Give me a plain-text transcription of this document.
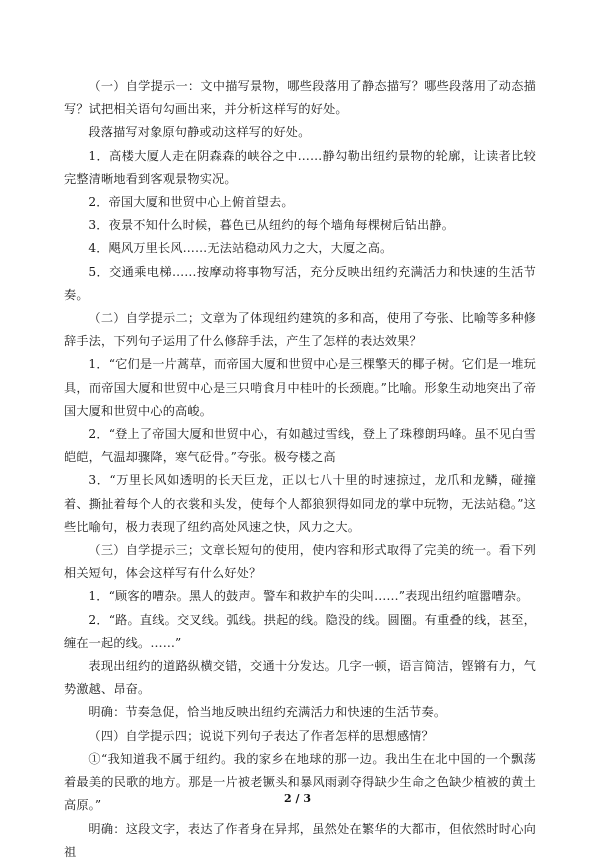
（一）自学提示一：文中描写景物，哪些段落用了静态描写？哪些段落用了动态描写？试把相关语句勾画出来，并分析这样写的好处。

段落描写对象原句静或动这样写的好处。

1．高楼大厦人走在阴森森的峡谷之中……静勾勒出纽约景物的轮廓，让读者比较完整清晰地看到客观景物实况。

2．帝国大厦和世贸中心上俯首望去。

3．夜景不知什么时候，暮色已从纽约的每个墙角每棵树后钻出静。

4．飓风万里长风……无法站稳动风力之大，大厦之高。

5．交通乘电梯……按摩动将事物写活，充分反映出纽约充满活力和快速的生活节奏。

（二）自学提示二；文章为了体现纽约建筑的多和高，使用了夸张、比喻等多种修辞手法，下列句子运用了什么修辞手法，产生了怎样的表达效果？

1．“它们是一片蒿草，而帝国大厦和世贸中心是三棵擎天的椰子树。它们是一堆玩具，而帝国大厦和世贸中心是三只啃食月中桂叶的长颈鹿。”比喻。形象生动地突出了帝国大厦和世贸中心的高峻。

2．“登上了帝国大厦和世贸中心，有如越过雪线，登上了珠穆朗玛峰。虽不见白雪皑皑，气温却骤降，寒气砭骨。”夸张。极夸楼之高

3．“万里长风如透明的长天巨龙，正以七八十里的时速掠过，龙爪和龙鳞，碰撞着、撕扯着每个人的衣裳和头发，使每个人都狼狈得如同龙的掌中玩物，无法站稳。”这些比喻句，极力表现了纽约高处风速之快，风力之大。

（三）自学提示三；文章长短句的使用，使内容和形式取得了完美的统一。看下列相关短句，体会这样写有什么好处？

1．“顾客的嘈杂。黑人的鼓声。警车和救护车的尖叫……”表现出纽约喧嚣嘈杂。

2．“路。直线。交叉线。弧线。拱起的线。隐没的线。圆圈。有重叠的线，甚至，缠在一起的线。……”

表现出纽约的道路纵横交错，交通十分发达。几字一顿，语言简洁，铿锵有力，气势激越、昂奋。

明确：节奏急促，恰当地反映出纽约充满活力和快速的生活节奏。

（四）自学提示四；说说下列句子表达了作者怎样的思想感情？

①“我知道我不属于纽约。我的家乡在地球的那一边。我出生在北中国的一个飘荡着最美的民歌的地方。那是一片被老镢头和暴风雨剥夺得缺少生命之色缺少植被的黄土高原。”

明确：这段文字，表达了作者身在异邦，虽然处在繁华的大都市，但依然时时心向祖

2 / 3
